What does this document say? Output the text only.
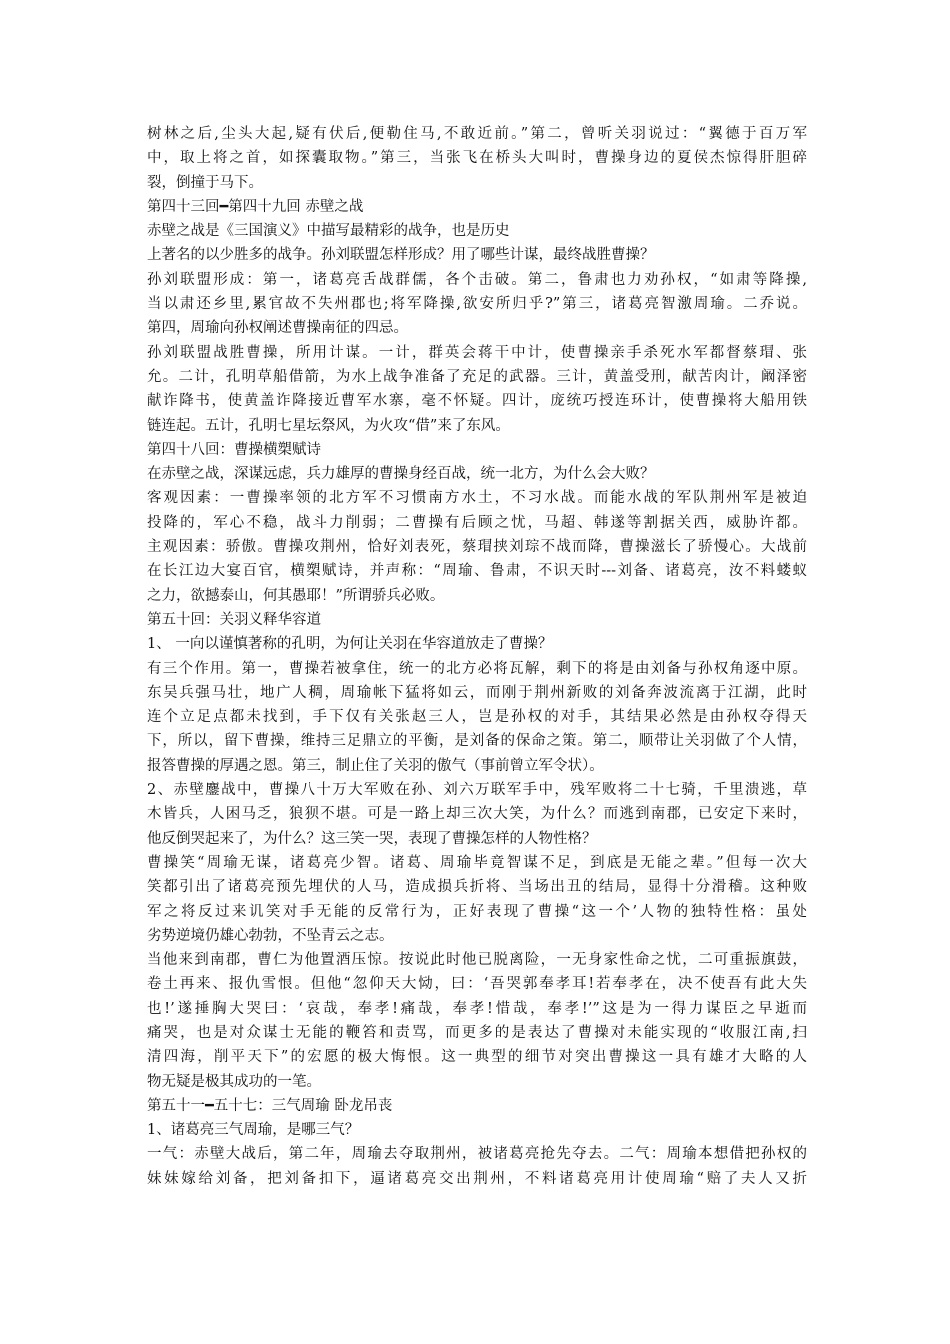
树林之后,尘头大起,疑有伏后,便勒住马,不敢近前。”第二，曾听关羽说过：“翼德于百万军
中，取上将之首，如探囊取物。”第三，当张飞在桥头大叫时，曹操身边的夏侯杰惊得肝胆碎
裂，倒撞于马下。
第四十三回━第四十九回 赤壁之战
赤壁之战是《三国演义》中描写最精彩的战争，也是历史
上著名的以少胜多的战争。孙刘联盟怎样形成？用了哪些计谋，最终战胜曹操？
孙刘联盟形成：第一，诸葛亮舌战群儒，各个击破。第二，鲁肃也力劝孙权，“如肃等降操,
当以肃还乡里,累官故不失州郡也;将军降操,欲安所归乎?”第三，诸葛亮智激周瑜。二乔说。
第四，周瑜向孙权阐述曹操南征的四忌。
孙刘联盟战胜曹操，所用计谋。一计，群英会蒋干中计，使曹操亲手杀死水军都督蔡瑁、张
允。二计，孔明草船借箭，为水上战争准备了充足的武器。三计，黄盖受刑，献苦肉计，阚泽密
献诈降书，使黄盖诈降接近曹军水寨，毫不怀疑。四计，庞统巧授连环计，使曹操将大船用铁
链连起。五计，孔明七星坛祭风，为火攻“借”来了东风。
第四十八回：曹操横槊赋诗
在赤壁之战，深谋远虑，兵力雄厚的曹操身经百战，统一北方，为什么会大败？
客观因素：一曹操率领的北方军不习惯南方水土，不习水战。而能水战的军队荆州军是被迫
投降的，军心不稳，战斗力削弱；二曹操有后顾之忧，马超、韩遂等割据关西，威胁许都。
主观因素：骄傲。曹操攻荆州，恰好刘表死，蔡瑁挟刘琮不战而降，曹操滋长了骄慢心。大战前
在长江边大宴百官，横槊赋诗，并声称：“周瑜、鲁肃，不识天时---刘备、诸葛亮，汝不料蝼蚁
之力，欲撼泰山，何其愚耶！”所谓骄兵必败。
第五十回：关羽义释华容道
1、 一向以谨慎著称的孔明，为何让关羽在华容道放走了曹操？
有三个作用。第一，曹操若被拿住，统一的北方必将瓦解，剩下的将是由刘备与孙权角逐中原。
东吴兵强马壮，地广人稠，周瑜帐下猛将如云，而刚于荆州新败的刘备奔波流离于江湖，此时
连个立足点都未找到，手下仅有关张赵三人，岂是孙权的对手，其结果必然是由孙权夺得天
下，所以，留下曹操，维持三足鼎立的平衡，是刘备的保命之策。第二，顺带让关羽做了个人情，
报答曹操的厚遇之恩。第三，制止住了关羽的傲气（事前曾立军令状）。
2、赤壁鏖战中，曹操八十万大军败在孙、刘六万联军手中，残军败将二十七骑，千里溃逃，草
木皆兵，人困马乏，狼狈不堪。可是一路上却三次大笑，为什么？而逃到南郡，已安定下来时，
他反倒哭起来了，为什么？这三笑一哭，表现了曹操怎样的人物性格？
曹操笑“周瑜无谋，诸葛亮少智。诸葛、周瑜毕竟智谋不足，到底是无能之辈。”但每一次大
笑都引出了诸葛亮预先埋伏的人马，造成损兵折将、当场出丑的结局，显得十分滑稽。这种败
军之将反过来讥笑对手无能的反常行为，正好表现了曹操“这一个’人物的独特性格：虽处
劣势逆境仍雄心勃勃，不坠青云之志。
当他来到南郡，曹仁为他置酒压惊。按说此时他已脱离险，一无身家性命之忧，二可重振旗鼓，
卷土再来、报仇雪恨。但他“忽仰天大恸，曰：‘吾哭郭奉孝耳!若奉孝在，决不使吾有此大失
也!’遂捶胸大哭曰：‘哀哉，奉孝!痛哉，奉孝!惜哉，奉孝!’”这是为一得力谋臣之早逝而
痛哭，也是对众谋士无能的鞭笞和责骂，而更多的是表达了曹操对未能实现的“收服江南,扫
清四海，削平天下”的宏愿的极大悔恨。这一典型的细节对突出曹操这一具有雄才大略的人
物无疑是极其成功的一笔。
第五十一━五十七：三气周瑜 卧龙吊丧
1、诸葛亮三气周瑜，是哪三气？
一气：赤壁大战后，第二年，周瑜去夺取荆州，被诸葛亮抢先夺去。二气：周瑜本想借把孙权的
妹妹嫁给刘备，把刘备扣下，逼诸葛亮交出荆州，不料诸葛亮用计使周瑜“赔了夫人又折
